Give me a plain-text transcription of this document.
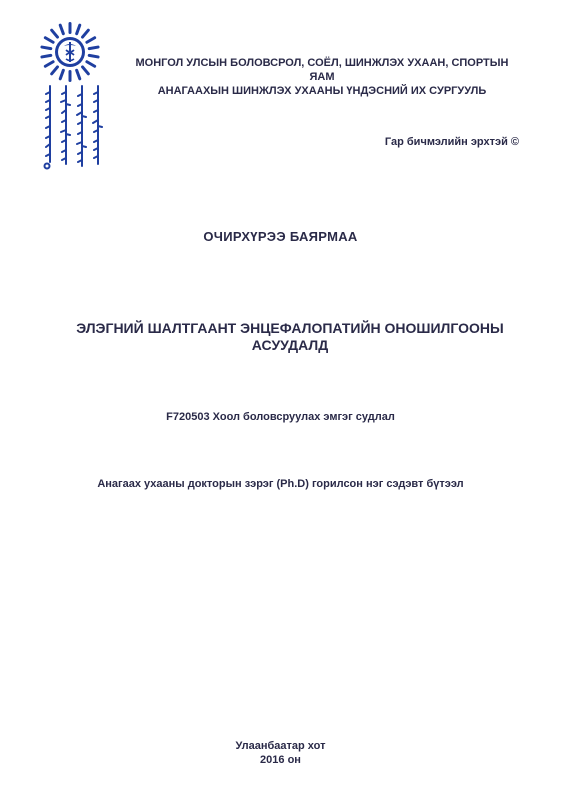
МОНГОЛ УЛСЫН БОЛОВСРОЛ, СОЁЛ, ШИНЖЛЭХ УХААН, СПОРТЫН ЯАМ
АНАГААХЫН ШИНЖЛЭХ УХААНЫ ҮНДЭСНИЙ ИХ СУРГУУЛЬ
Гар бичмэлийн эрхтэй ©
ОЧИРХҮРЭЭ БАЯРМАА
ЭЛЭГНИЙ ШАЛТГААНТ ЭНЦЕФАЛОПАТИЙН ОНОШИЛГООНЫ
АСУУДАЛД
F720503 Хоол боловсруулах эмгэг судлал
Анагаах ухааны докторын зэрэг (Ph.D) горилсон нэг сэдэвт бүтээл
Улаанбаатар хот
2016 он
